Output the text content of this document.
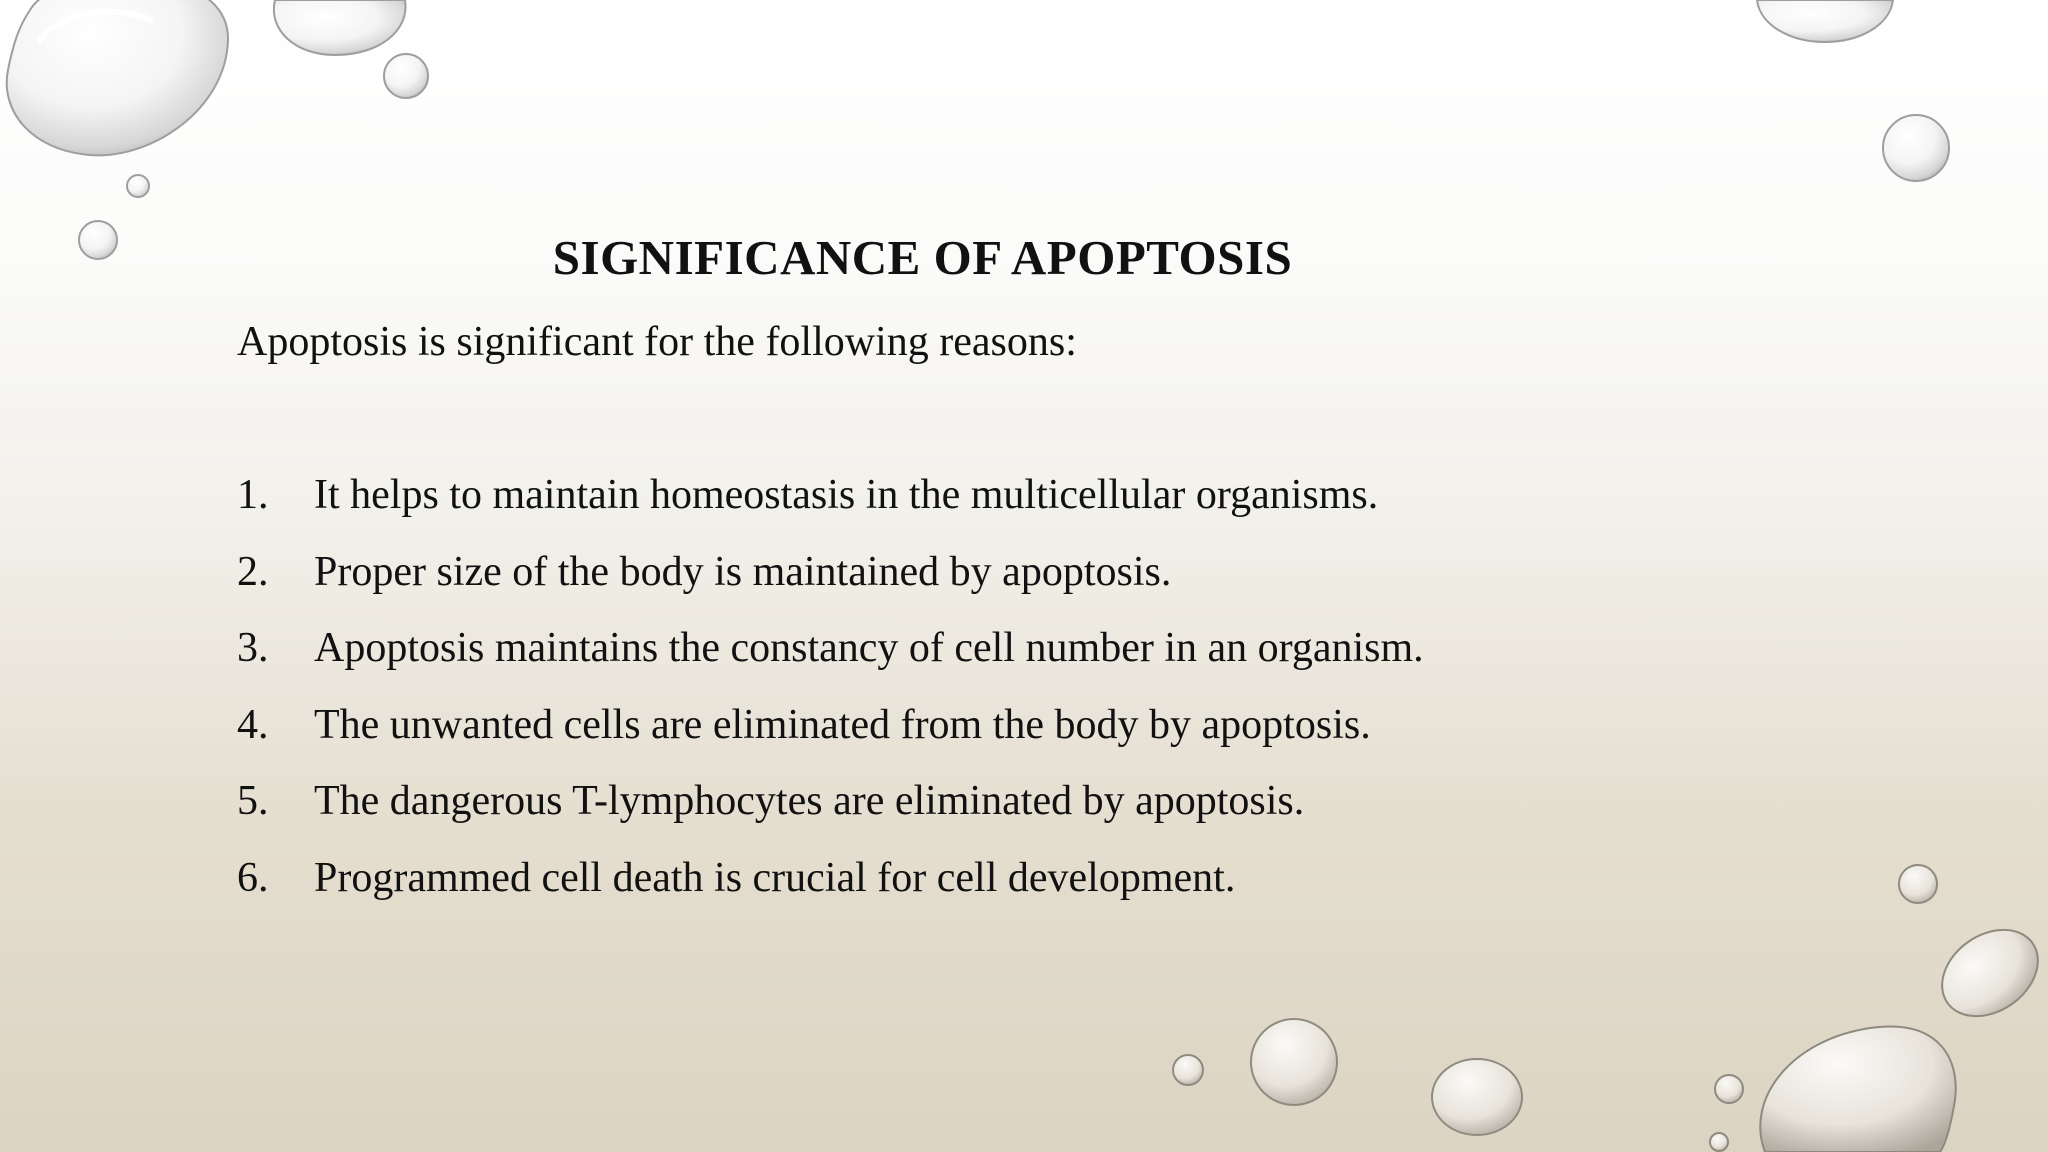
SIGNIFICANCE OF APOPTOSIS

Apoptosis is significant for the following reasons:

1. It helps to maintain homeostasis in the multicellular organisms.
2. Proper size of the body is maintained by apoptosis.
3. Apoptosis maintains the constancy of cell number in an organism.
4. The unwanted cells are eliminated from the body by apoptosis.
5. The dangerous T-lymphocytes are eliminated by apoptosis.
6. Programmed cell death is crucial for cell development.
